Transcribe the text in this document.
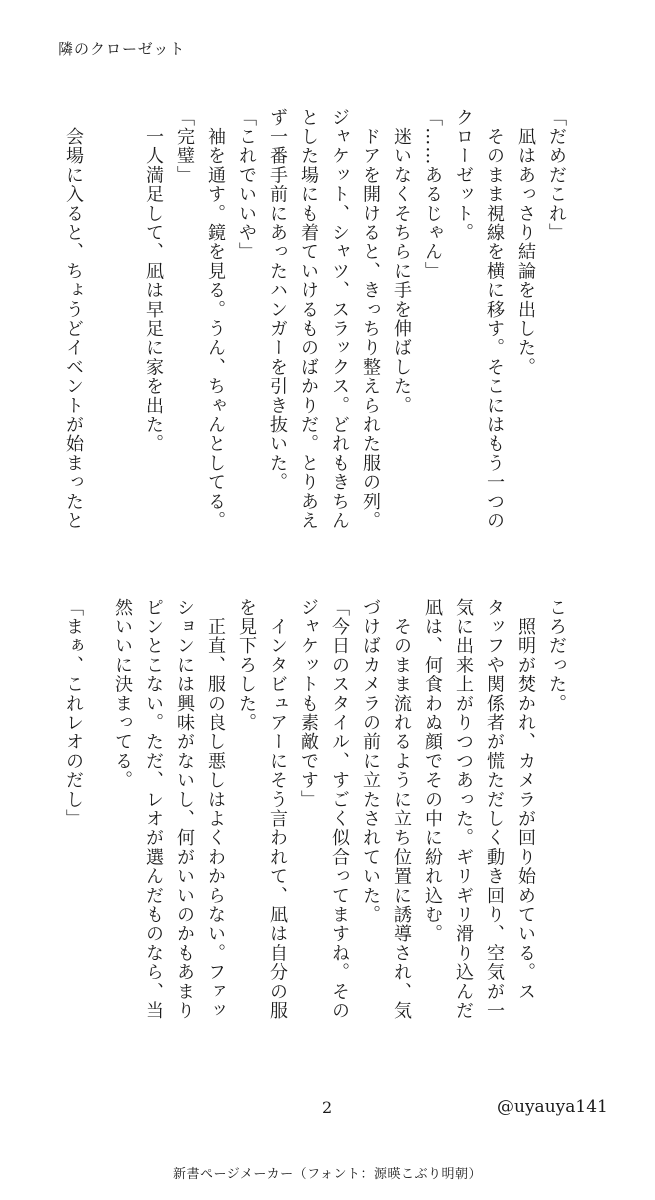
隣のクローゼット
「だめだこれ」
　凪はあっさり結論を出した。
　そのまま視線を横に移す。そこにはもう一つの
クローゼット。
「……あるじゃん」
　迷いなくそちらに手を伸ばした。
　ドアを開けると、きっちり整えられた服の列。
ジャケット、シャツ、スラックス。どれもきちん
とした場にも着ていけるものばかりだ。とりあえ
ず一番手前にあったハンガーを引き抜いた。
「これでいいや」
　袖を通す。鏡を見る。うん、ちゃんとしてる。
「完璧」
　一人満足して、凪は早足に家を出た。
　会場に入ると、ちょうどイベントが始まったと
ころだった。
　照明が焚かれ、カメラが回り始めている。ス
タッフや関係者が慌ただしく動き回り、空気が一
気に出来上がりつつあった。ギリギリ滑り込んだ
凪は、何食わぬ顔でその中に紛れ込む。
　そのまま流れるように立ち位置に誘導され、気
づけばカメラの前に立たされていた。
「今日のスタイル、すごく似合ってますね。その
ジャケットも素敵です」
　インタビュアーにそう言われて、凪は自分の服
を見下ろした。
　正直、服の良し悪しはよくわからない。ファッ
ションには興味がないし、何がいいのかもあまり
ピンとこない。ただ、レオが選んだものなら、当
然いいに決まってる。
「まぁ、これレオのだし」
2	@uyauya141
新書ページメーカー（フォント：源暎こぶり明朝）
